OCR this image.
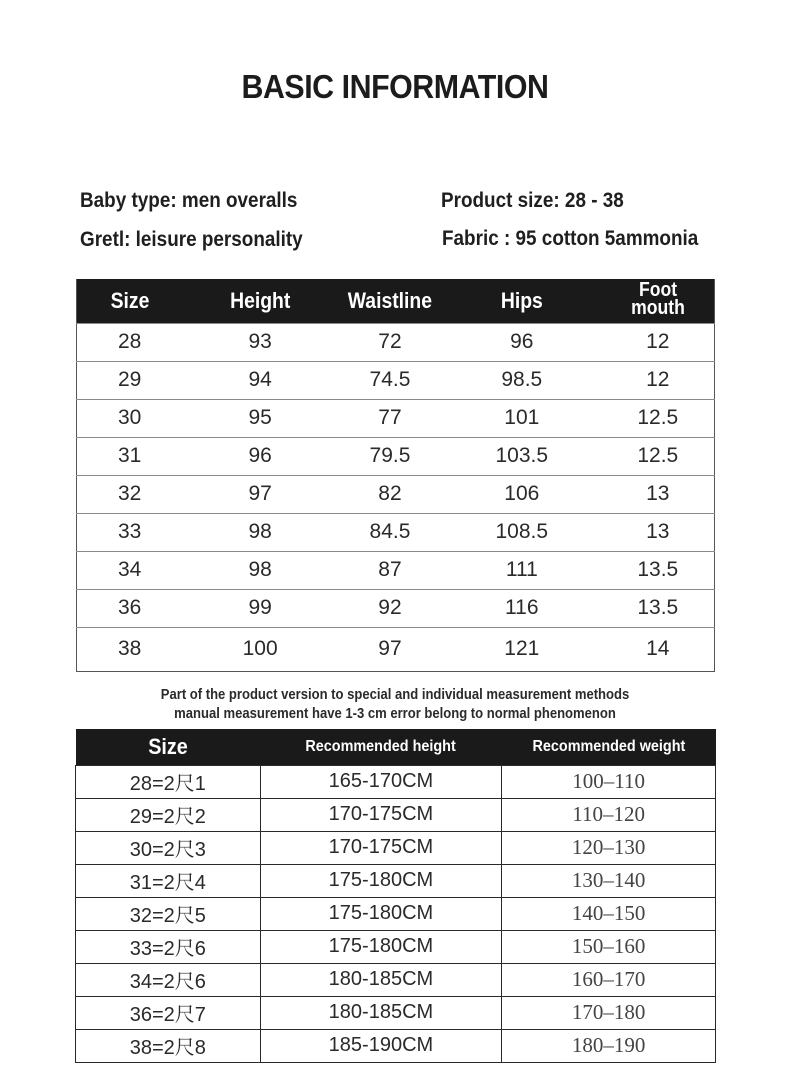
BASIC INFORMATION
Baby type: men overalls	Product size: 28 - 38
Gretl: leisure personality	Fabric : 95 cotton 5ammonia
Size	Height	Waistline	Hips	Foot mouth
28	93	72	96	12
29	94	74.5	98.5	12
30	95	77	101	12.5
31	96	79.5	103.5	12.5
32	97	82	106	13
33	98	84.5	108.5	13
34	98	87	111	13.5
36	99	92	116	13.5
38	100	97	121	14
Part of the product version to special and individual measurement methods
manual measurement have 1-3 cm error belong to normal phenomenon
Size	Recommended height	Recommended weight
28=2尺1	165-170CM	100–110
29=2尺2	170-175CM	110–120
30=2尺3	170-175CM	120–130
31=2尺4	175-180CM	130–140
32=2尺5	175-180CM	140–150
33=2尺6	175-180CM	150–160
34=2尺6	180-185CM	160–170
36=2尺7	180-185CM	170–180
38=2尺8	185-190CM	180–190
